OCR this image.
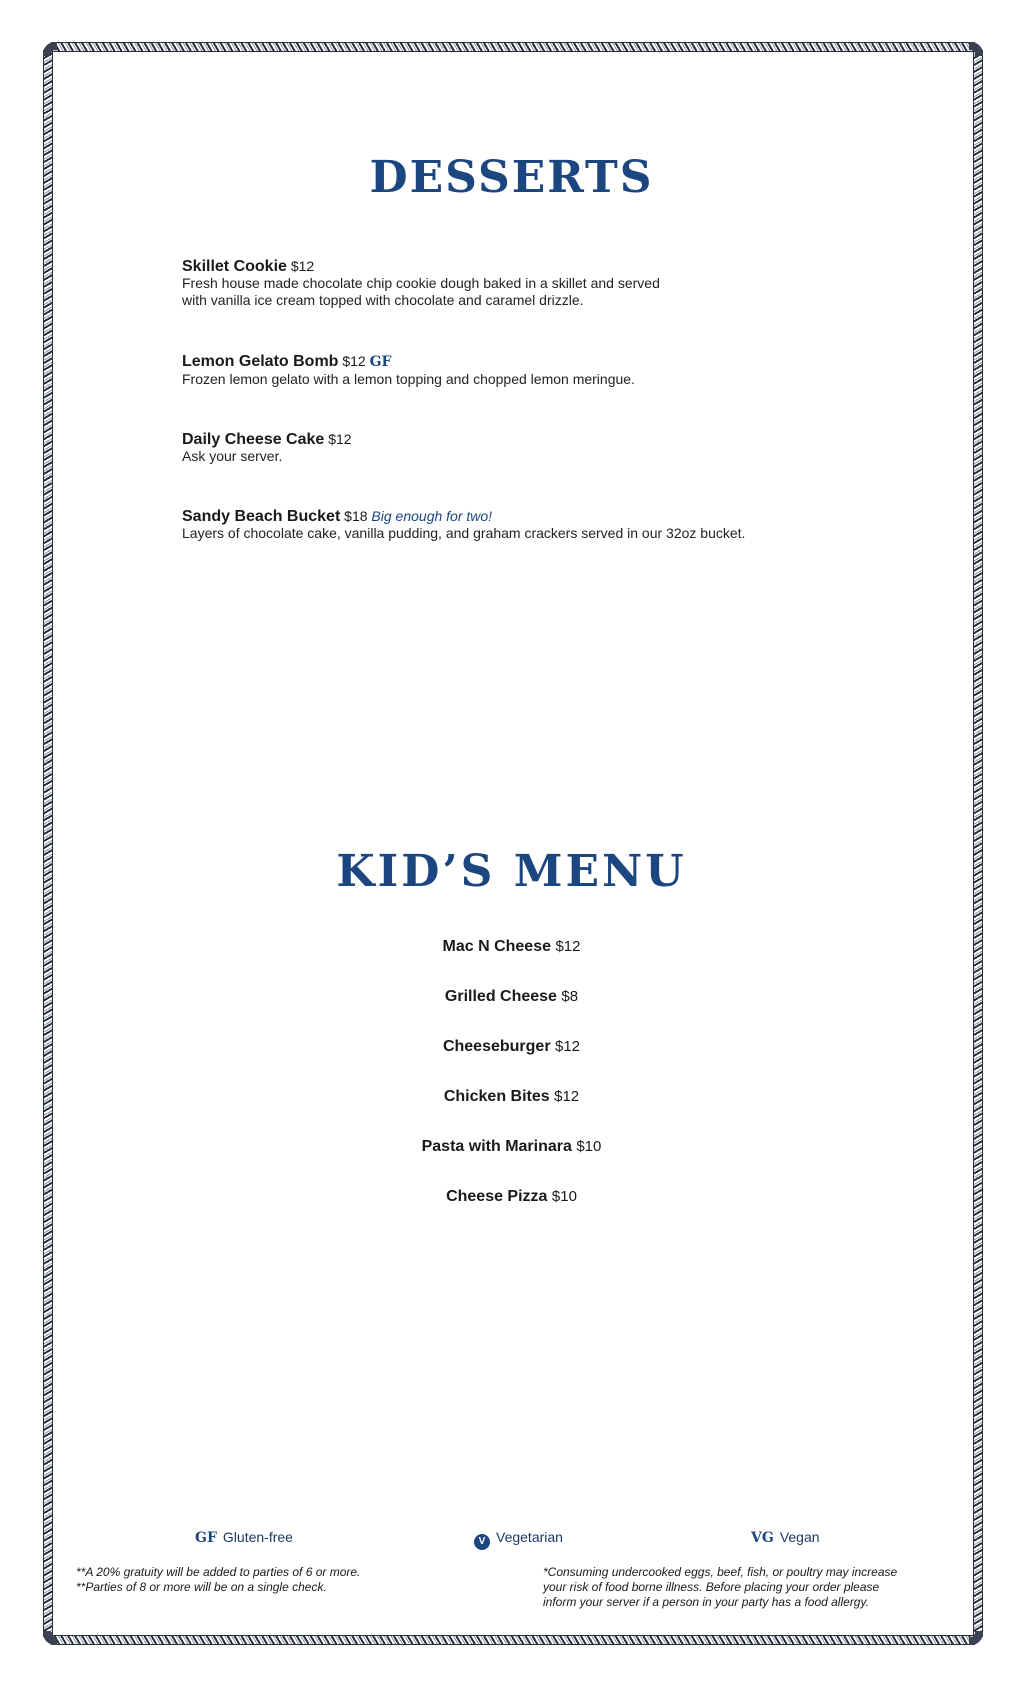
DESSERTS
Skillet Cookie $12
Fresh house made chocolate chip cookie dough baked in a skillet and served
with vanilla ice cream topped with chocolate and caramel drizzle.
Lemon Gelato Bomb $12 GF
Frozen lemon gelato with a lemon topping and chopped lemon meringue.
Daily Cheese Cake $12
Ask your server.
Sandy Beach Bucket $18 Big enough for two!
Layers of chocolate cake, vanilla pudding, and graham crackers served in our 32oz bucket.
KID’S MENU
Mac N Cheese $12
Grilled Cheese $8
Cheeseburger $12
Chicken Bites $12
Pasta with Marinara $10
Cheese Pizza $10
GF Gluten-free	V Vegetarian	VG Vegan
**A 20% gratuity will be added to parties of 6 or more.
**Parties of 8 or more will be on a single check.
*Consuming undercooked eggs, beef, fish, or poultry may increase
your risk of food borne illness. Before placing your order please
inform your server if a person in your party has a food allergy.
